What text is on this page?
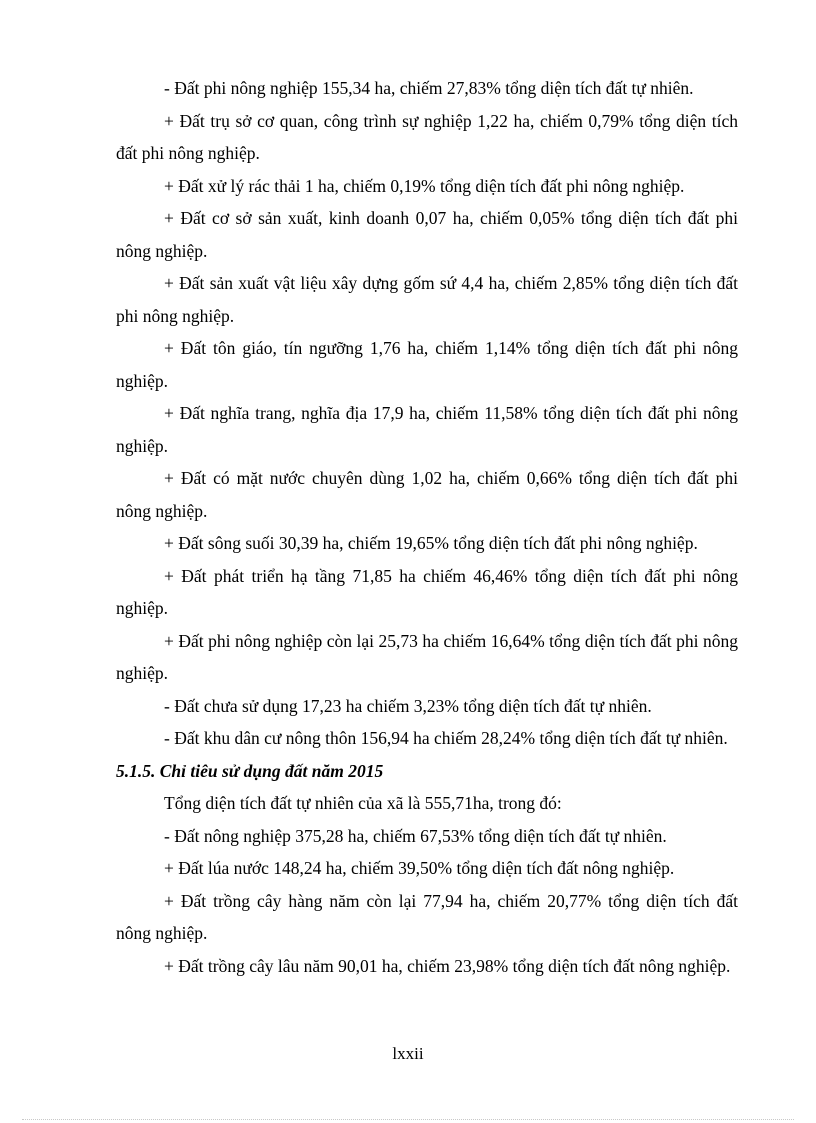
- Đất phi nông nghiệp 155,34 ha, chiếm 27,83% tổng diện tích đất tự nhiên.

+ Đất trụ sở cơ quan, công trình sự nghiệp 1,22 ha, chiếm 0,79% tổng diện tích đất phi nông nghiệp.

+ Đất xử lý rác thải 1 ha, chiếm 0,19% tổng diện tích đất phi nông nghiệp.

+ Đất cơ sở sản xuất, kinh doanh 0,07 ha, chiếm 0,05% tổng diện tích đất phi nông nghiệp.

+ Đất sản xuất vật liệu xây dựng gốm sứ 4,4 ha, chiếm 2,85% tổng diện tích đất phi nông nghiệp.

+ Đất tôn giáo, tín ngưỡng 1,76 ha, chiếm 1,14% tổng diện tích đất phi nông nghiệp.

+ Đất nghĩa trang, nghĩa địa 17,9 ha, chiếm 11,58% tổng diện tích đất phi nông nghiệp.

+ Đất có mặt nước chuyên dùng 1,02 ha, chiếm 0,66% tổng diện tích đất phi nông nghiệp.

+ Đất sông suối 30,39 ha, chiếm 19,65% tổng diện tích đất phi nông nghiệp.

+ Đất phát triển hạ tầng 71,85 ha chiếm 46,46% tổng diện tích đất phi nông nghiệp.

+ Đất phi nông nghiệp còn lại 25,73 ha chiếm 16,64% tổng diện tích đất phi nông nghiệp.

- Đất chưa sử dụng 17,23 ha chiếm 3,23% tổng diện tích đất tự nhiên.

- Đất khu dân cư nông thôn 156,94 ha chiếm 28,24% tổng diện tích đất tự nhiên.

5.1.5. Chỉ tiêu sử dụng đất năm 2015

Tổng diện tích đất tự nhiên của xã là 555,71ha, trong đó:

- Đất nông nghiệp 375,28 ha, chiếm 67,53% tổng diện tích đất tự nhiên.

+ Đất lúa nước 148,24 ha, chiếm 39,50% tổng diện tích đất nông nghiệp.

+ Đất trồng cây hàng năm còn lại 77,94 ha, chiếm 20,77% tổng diện tích đất nông nghiệp.

+ Đất trồng cây lâu năm 90,01 ha, chiếm 23,98% tổng diện tích đất nông nghiệp.

lxxii
